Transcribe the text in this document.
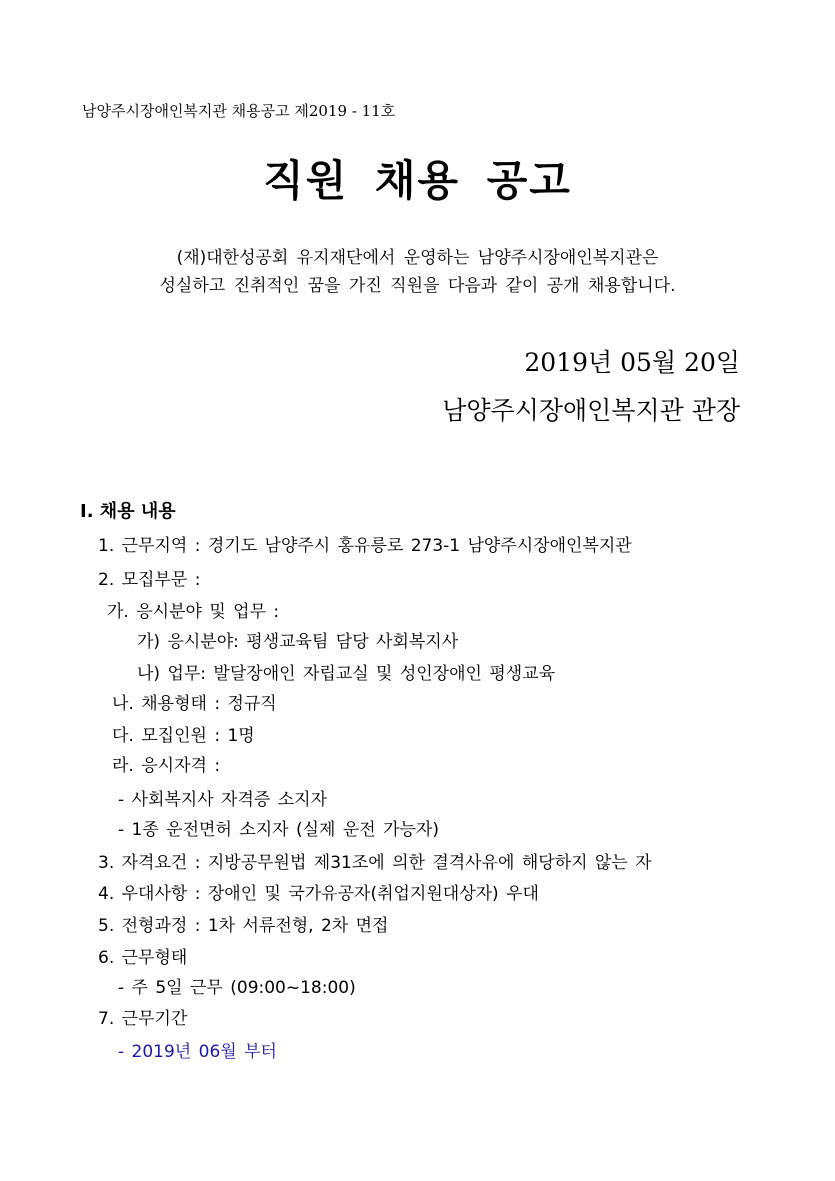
남양주시장애인복지관 채용공고 제2019 - 11호
직원 채용 공고
(재)대한성공회 유지재단에서 운영하는 남양주시장애인복지관은
성실하고 진취적인 꿈을 가진 직원을 다음과 같이 공개 채용합니다.
2019년 05월 20일
남양주시장애인복지관 관장
Ⅰ. 채용 내용
1. 근무지역 : 경기도 남양주시 홍유릉로 273-1 남양주시장애인복지관
2. 모집부문 :
가. 응시분야 및 업무 :
가) 응시분야: 평생교육팀 담당 사회복지사
나) 업무: 발달장애인 자립교실 및 성인장애인 평생교육
나. 채용형태 : 정규직
다. 모집인원 : 1명
라. 응시자격 :
- 사회복지사 자격증 소지자
- 1종 운전면허 소지자 (실제 운전 가능자)
3. 자격요건 : 지방공무원법 제31조에 의한 결격사유에 해당하지 않는 자
4. 우대사항 : 장애인 및 국가유공자(취업지원대상자) 우대
5. 전형과정 : 1차 서류전형, 2차 면접
6. 근무형태
- 주 5일 근무 (09:00~18:00)
7. 근무기간
- 2019년 06월 부터
